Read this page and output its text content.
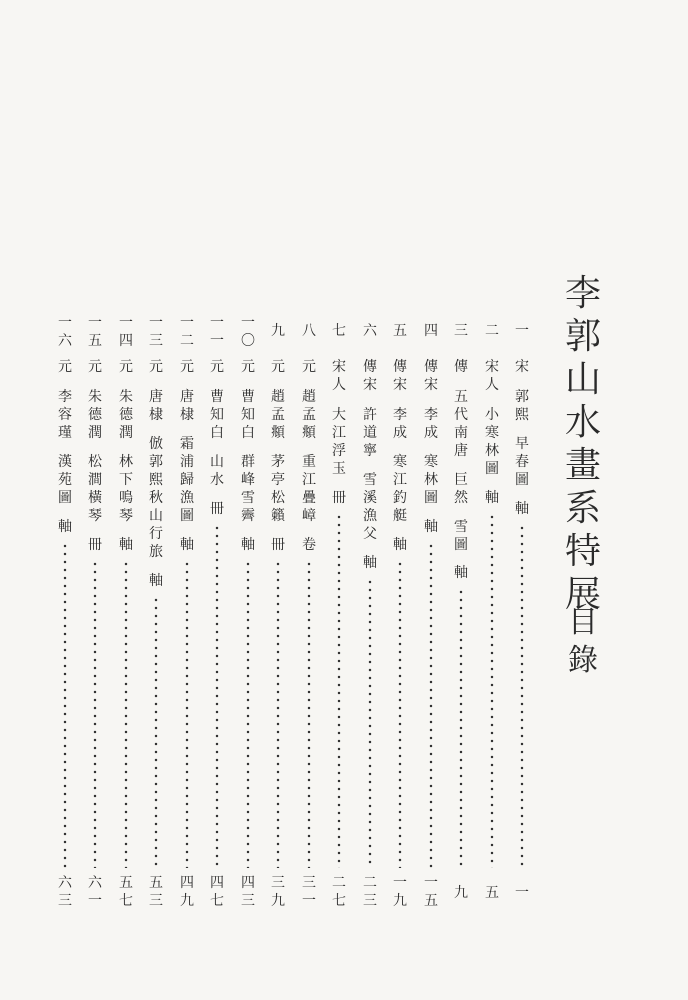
李
郭
山
水
畫
系
特
展
目
錄
一
宋
郭
熙
早
春
圖
軸
一
二
宋
人
小
寒
林
圖
軸
五
三
傳
五
代
南
唐
巨
然
雪
圖
軸
九
四
傳
宋
李
成
寒
林
圖
軸
一
五
五
傳
宋
李
成
寒
江
釣
艇
軸
一
九
六
傳
宋
許
道
寧
雪
溪
漁
父
軸
二
三
七
宋
人
大
江
浮
玉
冊
二
七
八
元
趙
孟
頫
重
江
疊
嶂
卷
三
一
九
元
趙
孟
頫
茅
亭
松
籟
冊
三
九
一
〇
元
曹
知
白
群
峰
雪
霽
軸
四
三
一
一
元
曹
知
白
山
水
冊
四
七
一
二
元
唐
棣
霜
浦
歸
漁
圖
軸
四
九
一
三
元
唐
棣
倣
郭
熙
秋
山
行
旅
軸
五
三
一
四
元
朱
德
潤
林
下
鳴
琴
軸
五
七
一
五
元
朱
德
潤
松
澗
橫
琴
冊
六
一
一
六
元
李
容
瑾
漢
苑
圖
軸
六
三
